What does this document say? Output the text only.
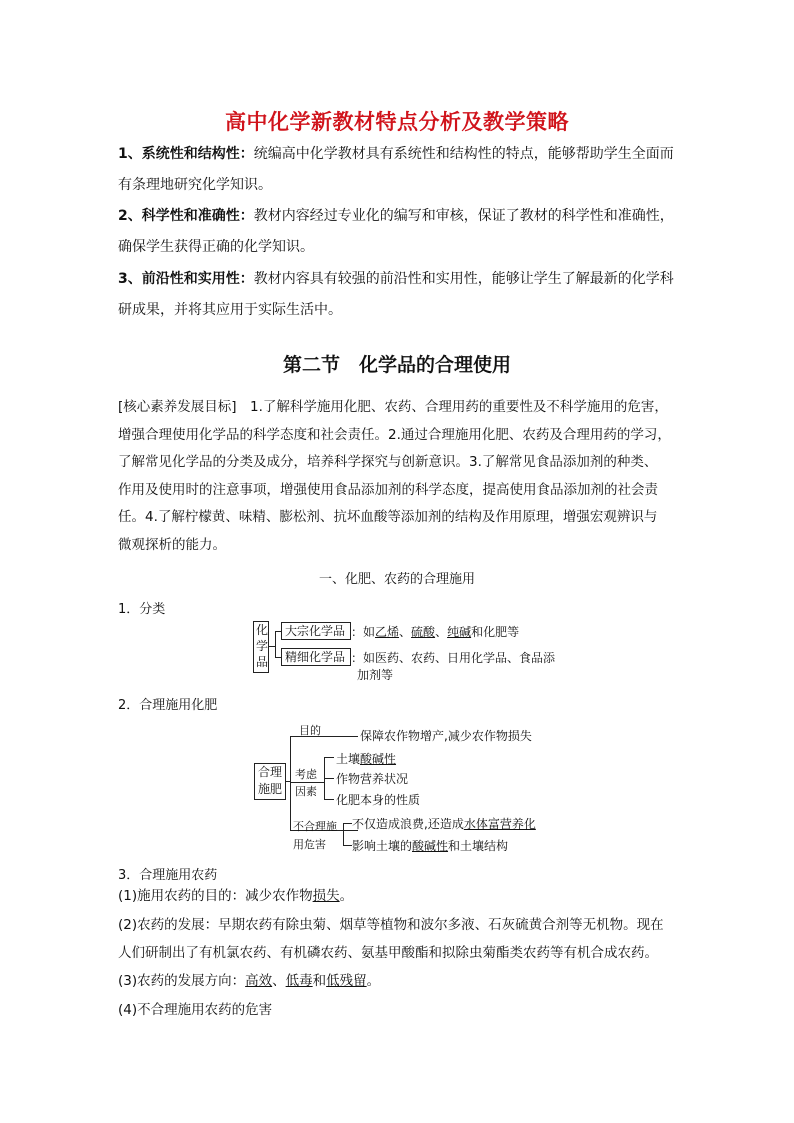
高中化学新教材特点分析及教学策略
1、系统性和结构性：统编高中化学教材具有系统性和结构性的特点，能够帮助学生全面而
有条理地研究化学知识。
2、科学性和准确性：教材内容经过专业化的编写和审核，保证了教材的科学性和准确性，
确保学生获得正确的化学知识。
3、前沿性和实用性：教材内容具有较强的前沿性和实用性，能够让学生了解最新的化学科
研成果，并将其应用于实际生活中。
第二节　化学品的合理使用
[核心素养发展目标]　1.了解科学施用化肥、农药、合理用药的重要性及不科学施用的危害，
增强合理使用化学品的科学态度和社会责任。2.通过合理施用化肥、农药及合理用药的学习，
了解常见化学品的分类及成分，培养科学探究与创新意识。3.了解常见食品添加剂的种类、
作用及使用时的注意事项，增强使用食品添加剂的科学态度，提高使用食品添加剂的社会责
任。4.了解柠檬黄、味精、膨松剂、抗坏血酸等添加剂的结构及作用原理，增强宏观辨识与
微观探析的能力。
一、化肥、农药的合理施用
1．分类
化
学
品
大宗化学品 ：如乙烯、硫酸、纯碱和化肥等
精细化学品 ：如医药、农药、日用化学品、食品添
加剂等
2．合理施用化肥
合理
施肥
目的	保障农作物增产,减少农作物损失
考虑
因素
土壤酸碱性
作物营养状况
化肥本身的性质
不合理施
用危害
不仅造成浪费,还造成水体富营养化
影响土壤的酸碱性和土壤结构
3．合理施用农药
(1)施用农药的目的：减少农作物损失。
(2)农药的发展：早期农药有除虫菊、烟草等植物和波尔多液、石灰硫黄合剂等无机物。现在
人们研制出了有机氯农药、有机磷农药、氨基甲酸酯和拟除虫菊酯类农药等有机合成农药。
(3)农药的发展方向：高效、低毒和低残留。
(4)不合理施用农药的危害
